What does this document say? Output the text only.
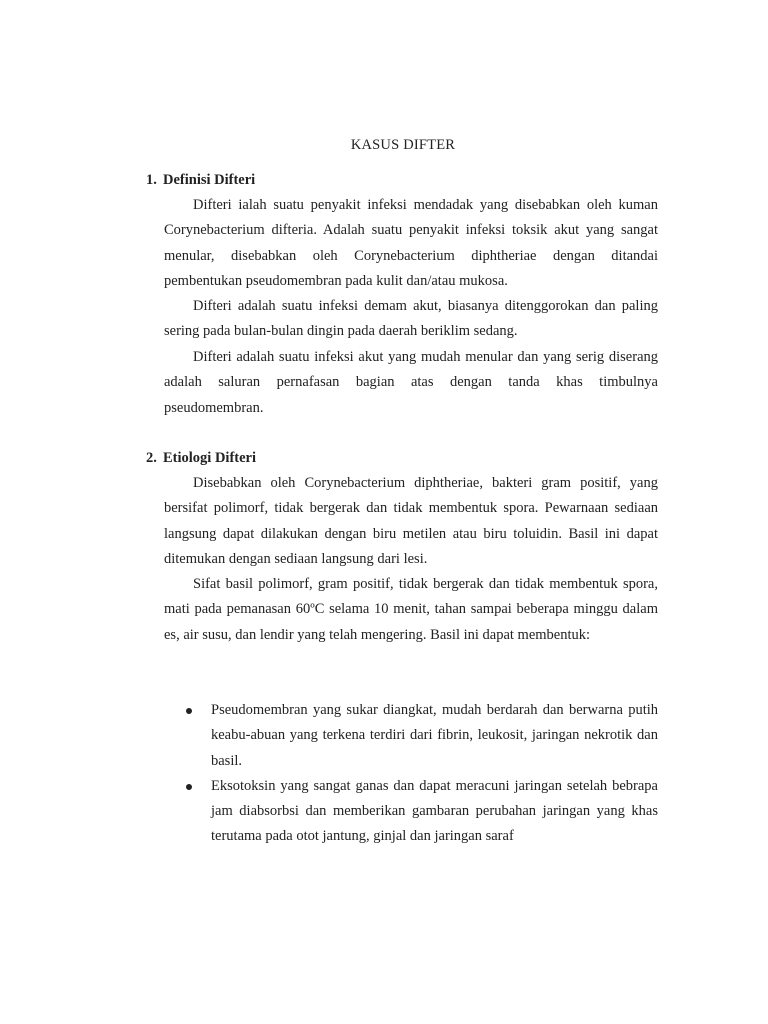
KASUS DIFTER
1. Definisi Difteri

Difteri ialah suatu penyakit infeksi mendadak yang disebabkan oleh kuman Corynebacterium difteria. Adalah suatu penyakit infeksi toksik akut yang sangat menular, disebabkan oleh Corynebacterium diphtheriae dengan ditandai pembentukan pseudomembran pada kulit dan/atau mukosa.

Difteri adalah suatu infeksi demam akut, biasanya ditenggorokan dan paling sering pada bulan-bulan dingin pada daerah beriklim sedang.

Difteri adalah suatu infeksi akut yang mudah menular dan yang serig diserang adalah saluran pernafasan bagian atas dengan tanda khas timbulnya pseudomembran.

2. Etiologi Difteri

Disebabkan oleh Corynebacterium diphtheriae, bakteri gram positif, yang bersifat polimorf, tidak bergerak dan tidak membentuk spora. Pewarnaan sediaan langsung dapat dilakukan dengan biru metilen atau biru toluidin. Basil ini dapat ditemukan dengan sediaan langsung dari lesi.

Sifat basil polimorf, gram positif, tidak bergerak dan tidak membentuk spora, mati pada pemanasan 60ºC selama 10 menit, tahan sampai beberapa minggu dalam es, air susu, dan lendir yang telah mengering. Basil ini dapat membentuk:

Pseudomembran yang sukar diangkat, mudah berdarah dan berwarna putih keabu-abuan yang terkena terdiri dari fibrin, leukosit, jaringan nekrotik dan basil.
Eksotoksin yang sangat ganas dan dapat meracuni jaringan setelah bebrapa jam diabsorbsi dan memberikan gambaran perubahan jaringan yang khas terutama pada otot jantung, ginjal dan jaringan saraf
